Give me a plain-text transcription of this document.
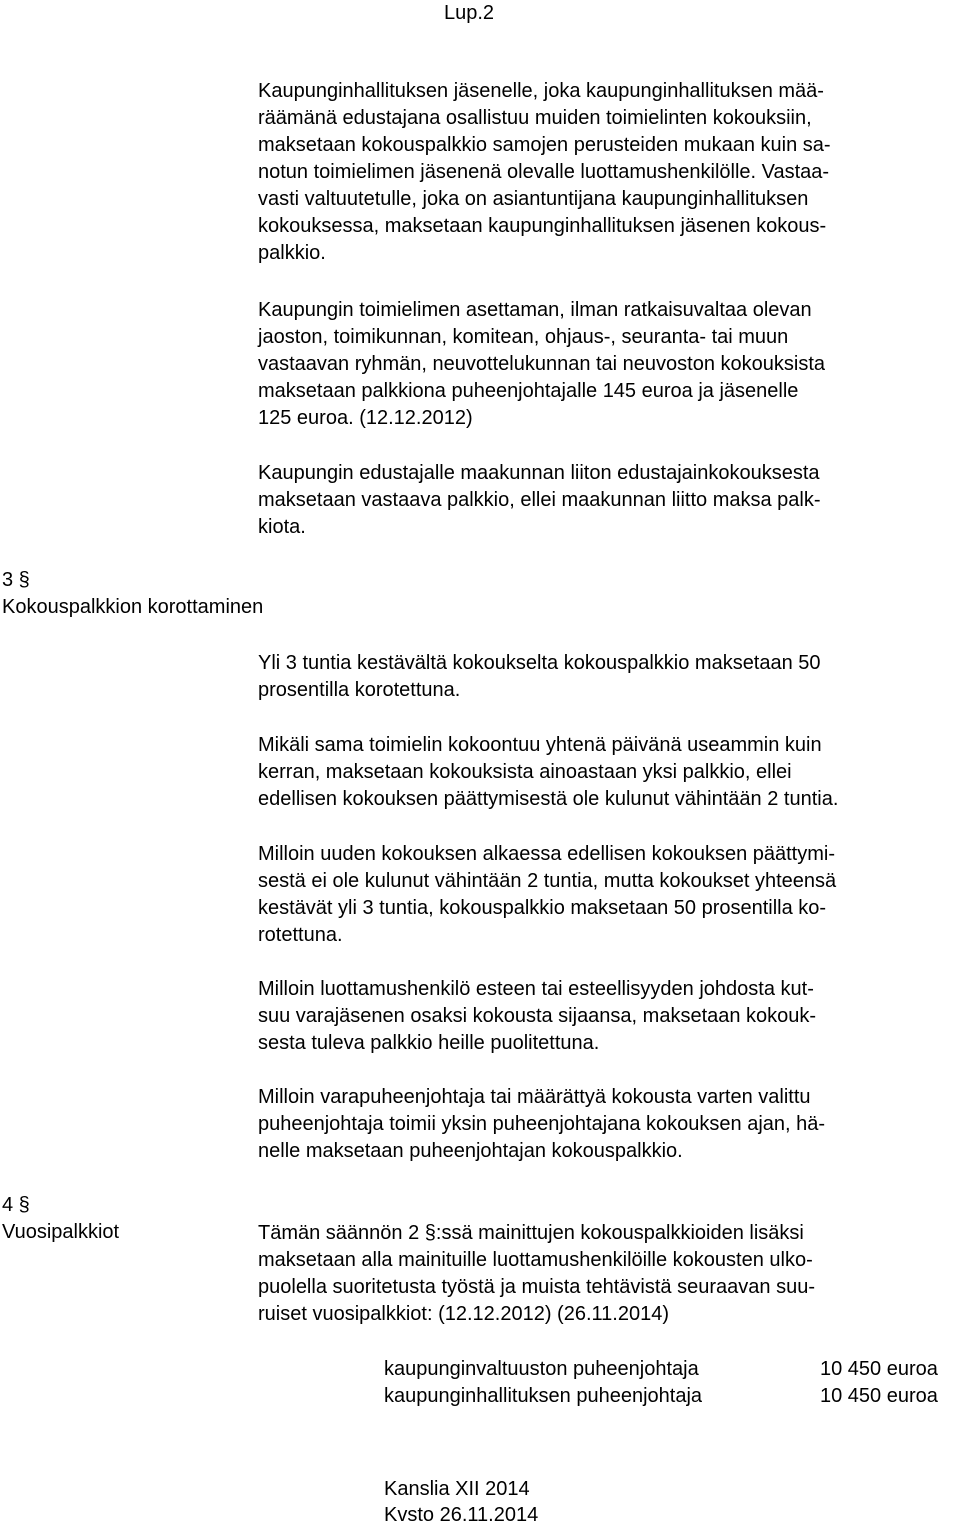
Lup.2

Kaupunginhallituksen jäsenelle, joka kaupunginhallituksen mää-
räämänä edustajana osallistuu muiden toimielinten kokouksiin,
maksetaan kokouspalkkio samojen perusteiden mukaan kuin sa-
notun toimielimen jäsenenä olevalle luottamushenkilölle. Vastaa-
vasti valtuutetulle, joka on asiantuntijana kaupunginhallituksen
kokouksessa, maksetaan kaupunginhallituksen jäsenen kokous-
palkkio.

Kaupungin toimielimen asettaman, ilman ratkaisuvaltaa olevan
jaoston, toimikunnan, komitean, ohjaus-, seuranta- tai muun
vastaavan ryhmän, neuvottelukunnan tai neuvoston kokouksista
maksetaan palkkiona puheenjohtajalle 145 euroa ja jäsenelle
125 euroa. (12.12.2012)

Kaupungin edustajalle maakunnan liiton edustajainkokouksesta
maksetaan vastaava palkkio, ellei maakunnan liitto maksa palk-
kiota.

3 §
Kokouspalkkion korottaminen

Yli 3 tuntia kestävältä kokoukselta kokouspalkkio maksetaan 50
prosentilla korotettuna.

Mikäli sama toimielin kokoontuu yhtenä päivänä useammin kuin
kerran, maksetaan kokouksista ainoastaan yksi palkkio, ellei
edellisen kokouksen päättymisestä ole kulunut vähintään 2 tuntia.

Milloin uuden kokouksen alkaessa edellisen kokouksen päättymi-
sestä ei ole kulunut vähintään 2 tuntia, mutta kokoukset yhteensä
kestävät yli 3 tuntia, kokouspalkkio maksetaan 50 prosentilla ko-
rotettuna.

Milloin luottamushenkilö esteen tai esteellisyyden johdosta kut-
suu varajäsenen osaksi kokousta sijaansa, maksetaan kokouk-
sesta tuleva palkkio heille puolitettuna.

Milloin varapuheenjohtaja tai määrättyä kokousta varten valittu
puheenjohtaja toimii yksin puheenjohtajana kokouksen ajan, hä-
nelle maksetaan puheenjohtajan kokouspalkkio.

4 §
Vuosipalkkiot	Tämän säännön 2 §:ssä mainittujen kokouspalkkioiden lisäksi
maksetaan alla mainituille luottamushenkilöille kokousten ulko-
puolella suoritetusta työstä ja muista tehtävistä seuraavan suu-
ruiset vuosipalkkiot: (12.12.2012) (26.11.2014)

kaupunginvaltuuston puheenjohtaja	10 450 euroa
kaupunginhallituksen puheenjohtaja	10 450 euroa
Kanslia XII 2014
Kvsto 26.11.2014
